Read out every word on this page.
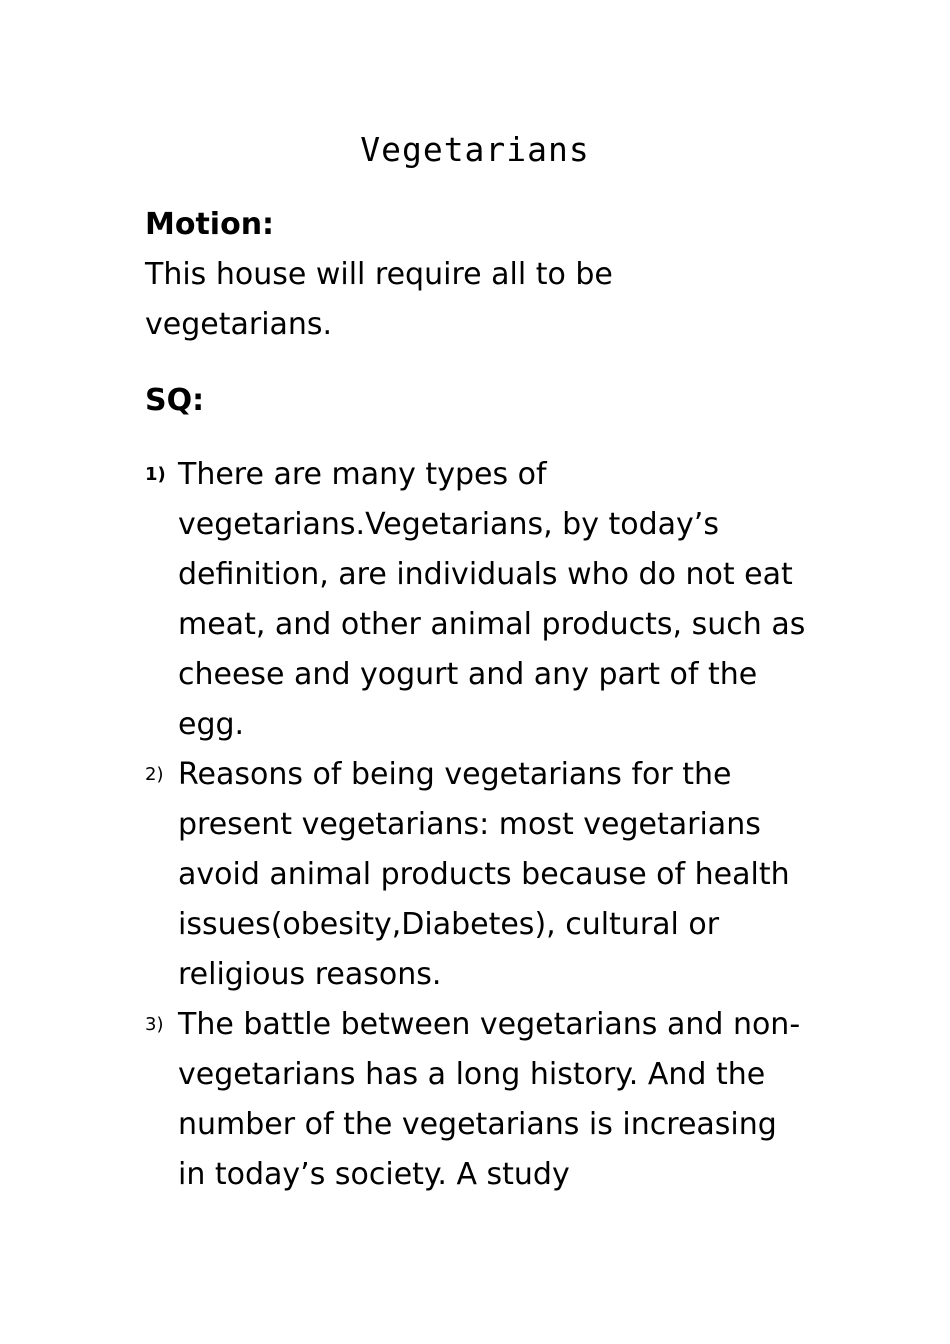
Vegetarians
Motion:
This house will require all to be vegetarians.
SQ:
1) There are many types of vegetarians.Vegetarians, by today’s definition, are individuals who do not eat meat, and other animal products, such as cheese and yogurt and any part of the egg.
2) Reasons of being vegetarians for the present vegetarians: most vegetarians avoid animal products because of health issues(obesity,Diabetes), cultural or religious reasons.
3) The battle between vegetarians and non-vegetarians has a long history. And the number of the vegetarians is increasing in today’s society. A study
